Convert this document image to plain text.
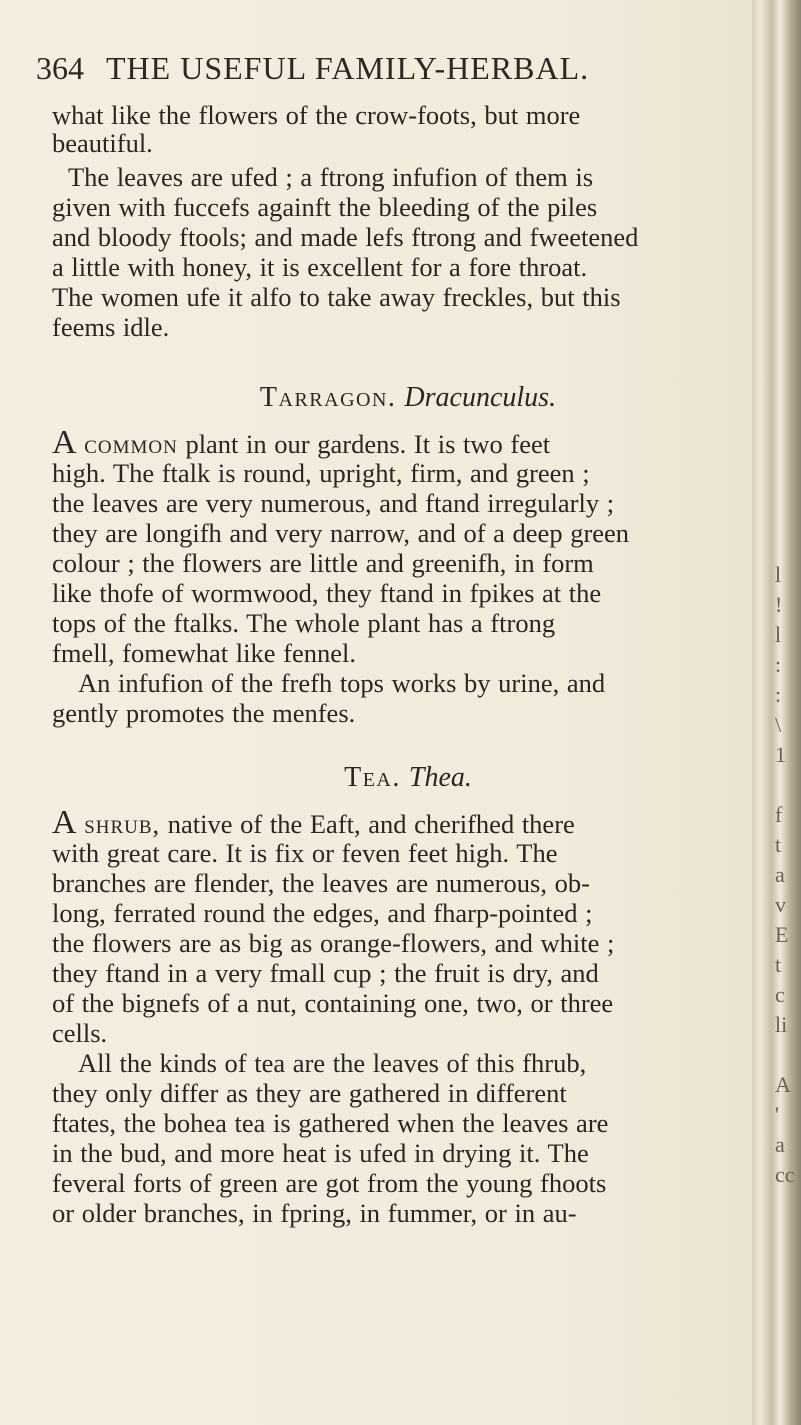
l
!
l
:
:
\
1

f
t
a
v
E
t
c
li

A
'
a
cc
364 THE USEFUL FAMILY-HERBAL.
what like the flowers of the crow-foots, but more
beautiful.
The leaves are ufed ; a ftrong infufion of them is
given with fuccefs againft the bleeding of the piles
and bloody ftools; and made lefs ftrong and fweetened
a little with honey, it is excellent for a fore throat.
The women ufe it alfo to take away freckles, but this
feems idle.
Tarragon. Dracunculus.
A common plant in our gardens. It is two feet
high. The ftalk is round, upright, firm, and green ;
the leaves are very numerous, and ftand irregularly ;
they are longifh and very narrow, and of a deep green
colour ; the flowers are little and greenifh, in form
like thofe of wormwood, they ftand in fpikes at the
tops of the ftalks. The whole plant has a ftrong
fmell, fomewhat like fennel.
An infufion of the frefh tops works by urine, and
gently promotes the menfes.
Tea. Thea.
A shrub, native of the Eaft, and cherifhed there
with great care. It is fix or feven feet high. The
branches are flender, the leaves are numerous, ob-
long, ferrated round the edges, and fharp-pointed ;
the flowers are as big as orange-flowers, and white ;
they ftand in a very fmall cup ; the fruit is dry, and
of the bignefs of a nut, containing one, two, or three
cells.
All the kinds of tea are the leaves of this fhrub,
they only differ as they are gathered in different
ftates, the bohea tea is gathered when the leaves are
in the bud, and more heat is ufed in drying it. The
feveral forts of green are got from the young fhoots
or older branches, in fpring, in fummer, or in au-
